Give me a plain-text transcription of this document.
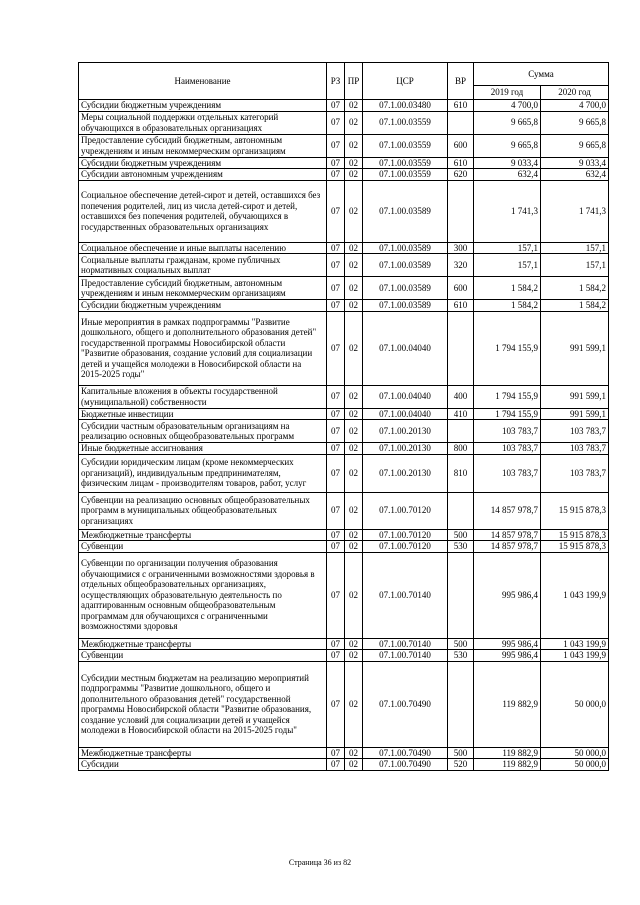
Наименование	РЗ	ПР	ЦСР	ВР	Сумма	
					2019 год	2020 год
Субсидии бюджетным учреждениям	07	02	07.1.00.03480	610	4 700,0	4 700,0
Меры социальной поддержки отдельных категорий обучающихся в образовательных организациях	07	02	07.1.00.03559		9 665,8	9 665,8
Предоставление субсидий бюджетным, автономным учреждениям и иным некоммерческим организациям	07	02	07.1.00.03559	600	9 665,8	9 665,8
Субсидии бюджетным учреждениям	07	02	07.1.00.03559	610	9 033,4	9 033,4
Субсидии автономным учреждениям	07	02	07.1.00.03559	620	632,4	632,4
Социальное обеспечение детей-сирот и детей, оставшихся без попечения родителей, лиц из числа детей-сирот и детей, оставшихся без попечения родителей, обучающихся в государственных образовательных организациях	07	02	07.1.00.03589		1 741,3	1 741,3
Социальное обеспечение и иные выплаты населению	07	02	07.1.00.03589	300	157,1	157,1
Социальные выплаты гражданам, кроме публичных нормативных социальных выплат	07	02	07.1.00.03589	320	157,1	157,1
Предоставление субсидий бюджетным, автономным учреждениям и иным некоммерческим организациям	07	02	07.1.00.03589	600	1 584,2	1 584,2
Субсидии бюджетным учреждениям	07	02	07.1.00.03589	610	1 584,2	1 584,2
Иные мероприятия в рамках подпрограммы "Развитие дошкольного, общего и дополнительного образования детей" государственной программы Новосибирской области "Развитие образования, создание условий для социализации детей и учащейся молодежи в Новосибирской области на 2015-2025 годы"	07	02	07.1.00.04040		1 794 155,9	991 599,1
Капитальные вложения в объекты государственной (муниципальной) собственности	07	02	07.1.00.04040	400	1 794 155,9	991 599,1
Бюджетные инвестиции	07	02	07.1.00.04040	410	1 794 155,9	991 599,1
Субсидии частным образовательным организациям на реализацию основных общеобразовательных программ	07	02	07.1.00.20130		103 783,7	103 783,7
Иные бюджетные ассигнования	07	02	07.1.00.20130	800	103 783,7	103 783,7
Субсидии юридическим лицам (кроме некоммерческих организаций), индивидуальным предпринимателям, физическим лицам - производителям товаров, работ, услуг	07	02	07.1.00.20130	810	103 783,7	103 783,7
Субвенции на реализацию основных общеобразовательных программ в муниципальных общеобразовательных организациях	07	02	07.1.00.70120		14 857 978,7	15 915 878,3
Межбюджетные трансферты	07	02	07.1.00.70120	500	14 857 978,7	15 915 878,3
Субвенции	07	02	07.1.00.70120	530	14 857 978,7	15 915 878,3
Субвенции по организации получения образования обучающимися с ограниченными возможностями здоровья в отдельных общеобразовательных организациях, осуществляющих образовательную деятельность по адаптированным основным общеобразовательным программам для обучающихся с ограниченными возможностями здоровья	07	02	07.1.00.70140		995 986,4	1 043 199,9
Межбюджетные трансферты	07	02	07.1.00.70140	500	995 986,4	1 043 199,9
Субвенции	07	02	07.1.00.70140	530	995 986,4	1 043 199,9
Субсидии местным бюджетам на реализацию мероприятий подпрограммы "Развитие дошкольного, общего и дополнительного образования детей" государственной программы Новосибирской области "Развитие образования, создание условий для социализации детей и учащейся молодежи в Новосибирской области на 2015-2025 годы"	07	02	07.1.00.70490		119 882,9	50 000,0
Межбюджетные трансферты	07	02	07.1.00.70490	500	119 882,9	50 000,0
Субсидии	07	02	07.1.00.70490	520	119 882,9	50 000,0
Страница 36 из 82
